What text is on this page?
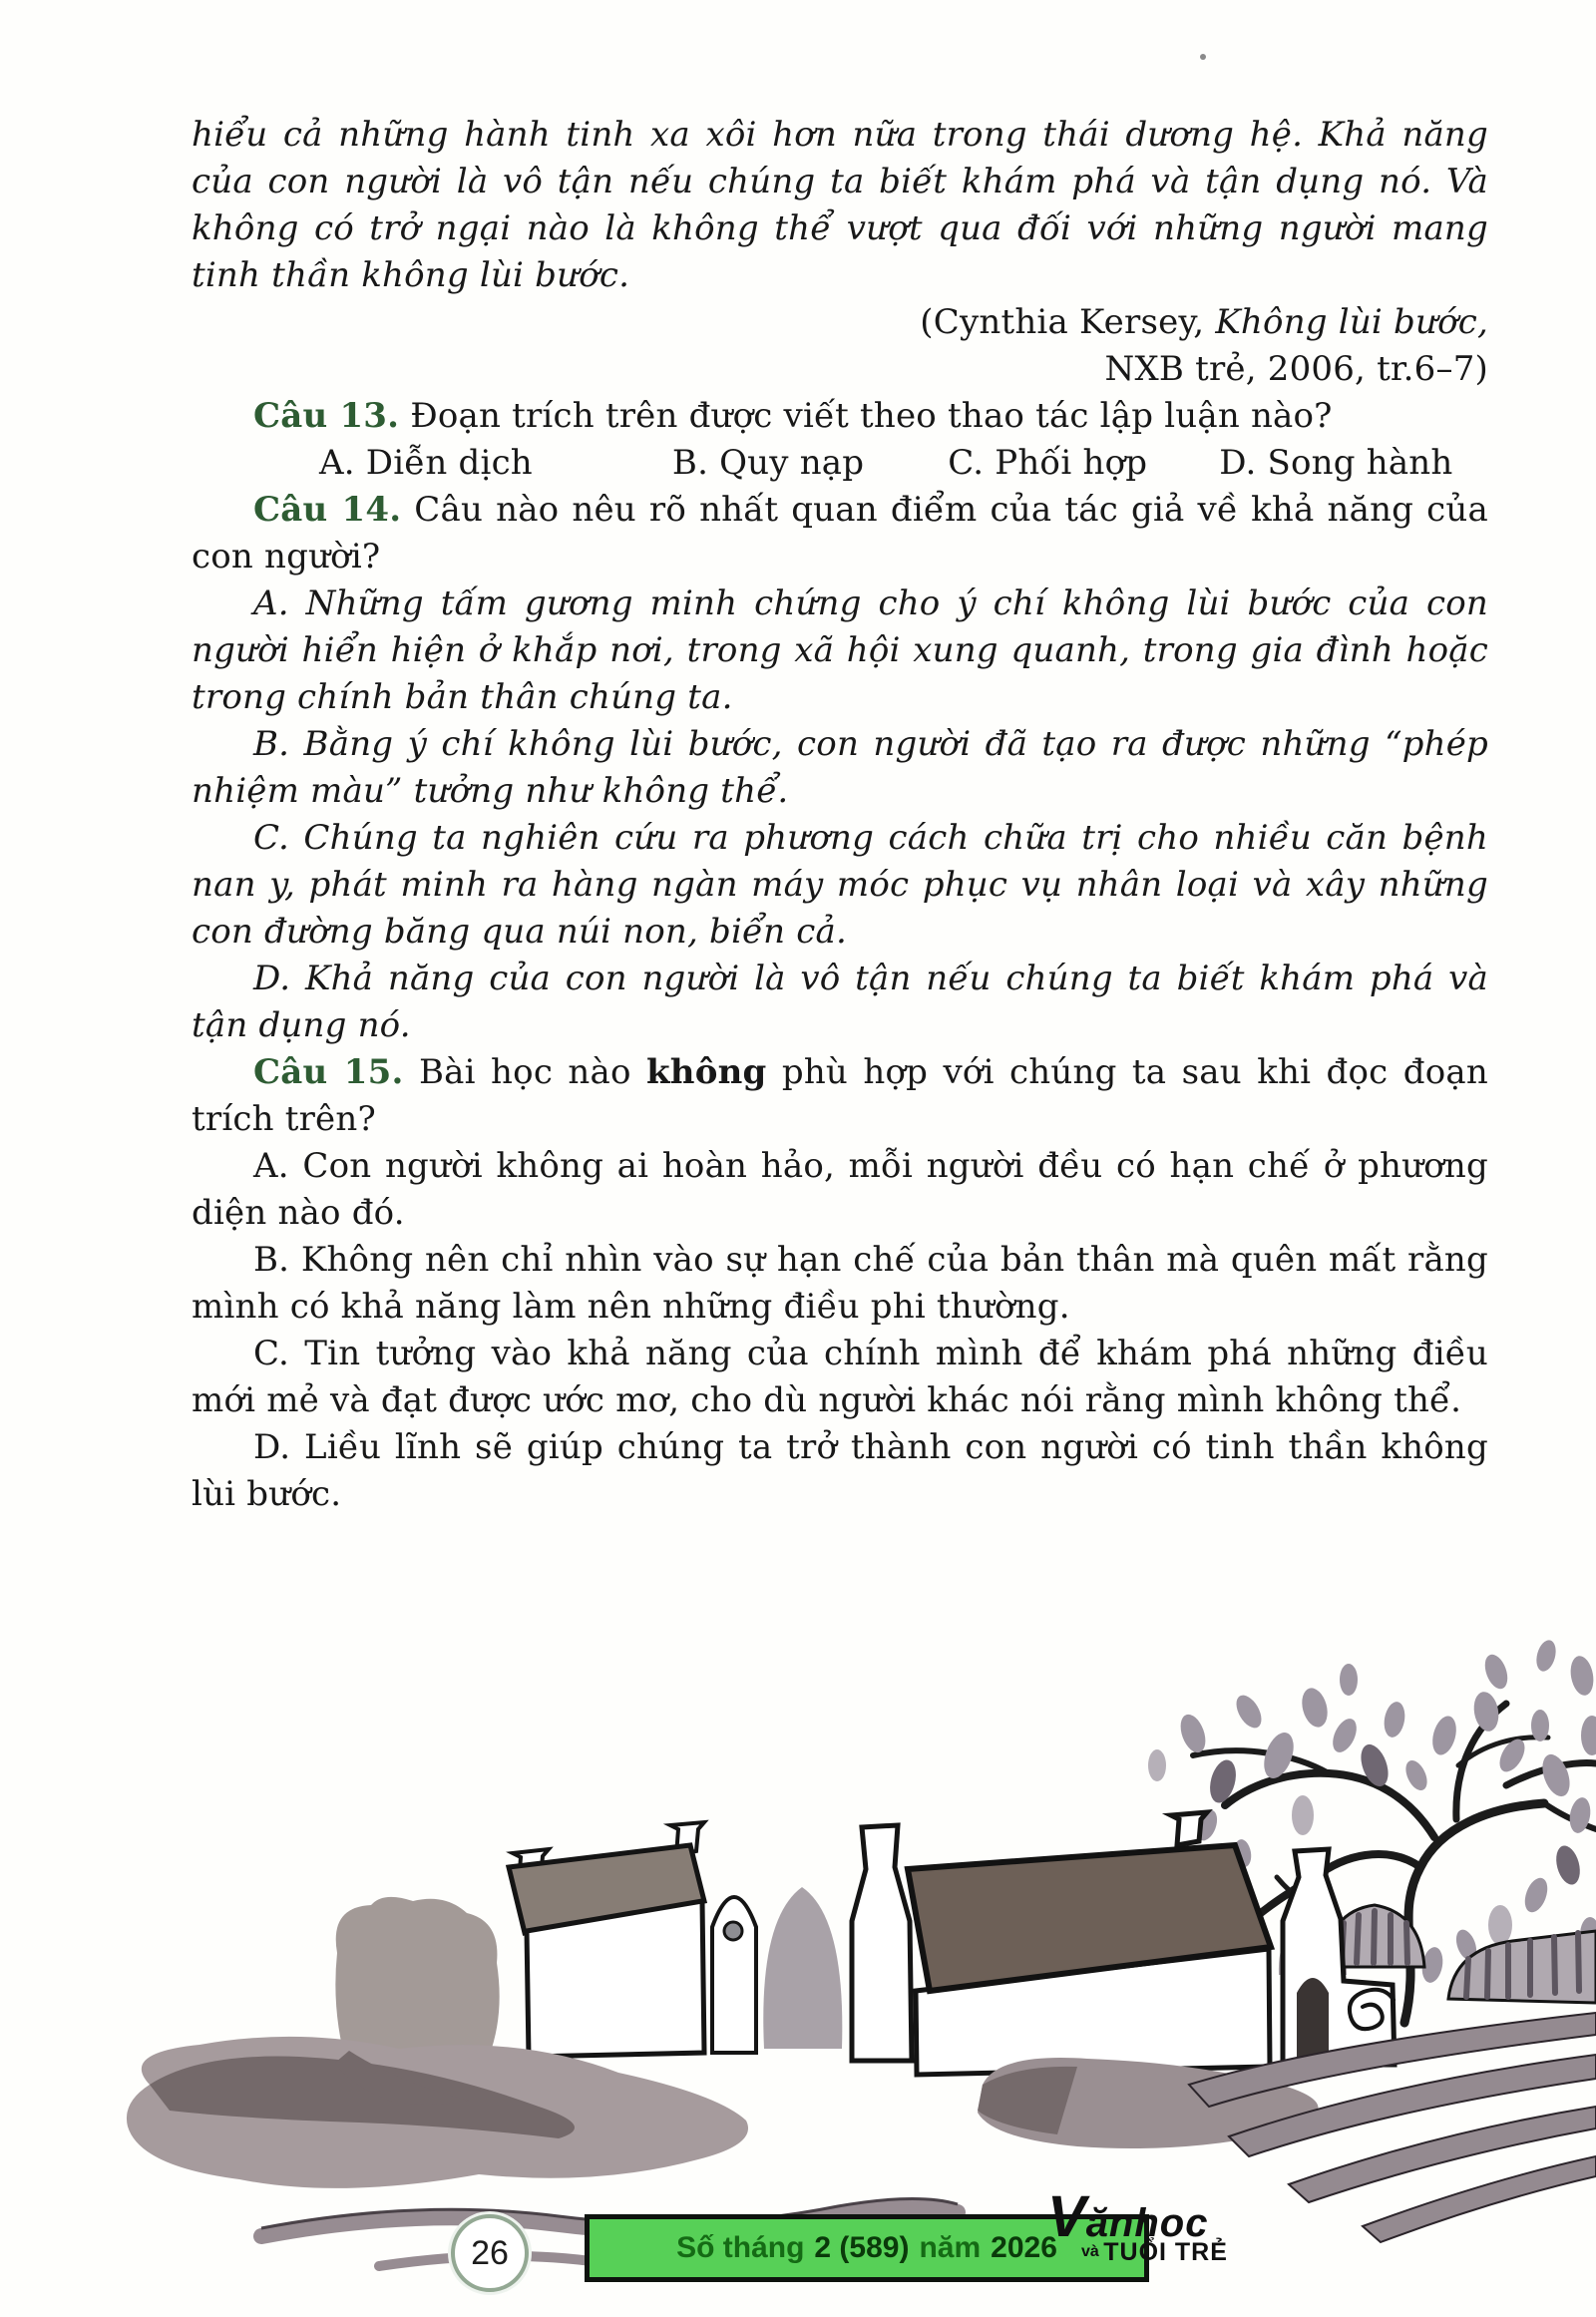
hiểu cả những hành tinh xa xôi hơn nữa trong thái dương hệ. Khả năng của con người là vô tận nếu chúng ta biết khám phá và tận dụng nó. Và không có trở ngại nào là không thể vượt qua đối với những người mang tinh thần không lùi bước.

(Cynthia Kersey, Không lùi bước,

NXB trẻ, 2006, tr.6–7)

Câu 13. Đoạn trích trên được viết theo thao tác lập luận nào?

A. Diễn dịch	B. Quy nạp C. Phối hợp D. Song hành

Câu 14. Câu nào nêu rõ nhất quan điểm của tác giả về khả năng của con người?

A. Những tấm gương minh chứng cho ý chí không lùi bước của con người hiển hiện ở khắp nơi, trong xã hội xung quanh, trong gia đình hoặc trong chính bản thân chúng ta.

B. Bằng ý chí không lùi bước, con người đã tạo ra được những “phép nhiệm màu” tưởng như không thể.

C. Chúng ta nghiên cứu ra phương cách chữa trị cho nhiều căn bệnh nan y, phát minh ra hàng ngàn máy móc phục vụ nhân loại và xây những con đường băng qua núi non, biển cả.

D. Khả năng của con người là vô tận nếu chúng ta biết khám phá và tận dụng nó.

Câu 15. Bài học nào không phù hợp với chúng ta sau khi đọc đoạn trích trên?

A. Con người không ai hoàn hảo, mỗi người đều có hạn chế ở phương diện nào đó.

B. Không nên chỉ nhìn vào sự hạn chế của bản thân mà quên mất rằng mình có khả năng làm nên những điều phi thường.

C. Tin tưởng vào khả năng của chính mình để khám phá những điều mới mẻ và đạt được ước mơ, cho dù người khác nói rằng mình không thể.

D. Liều lĩnh sẽ giúp chúng ta trở thành con người có tinh thần không lùi bước.

26	Số tháng 2 (589) năm 2026
Vănhoc
và TUỔI TRẺ
